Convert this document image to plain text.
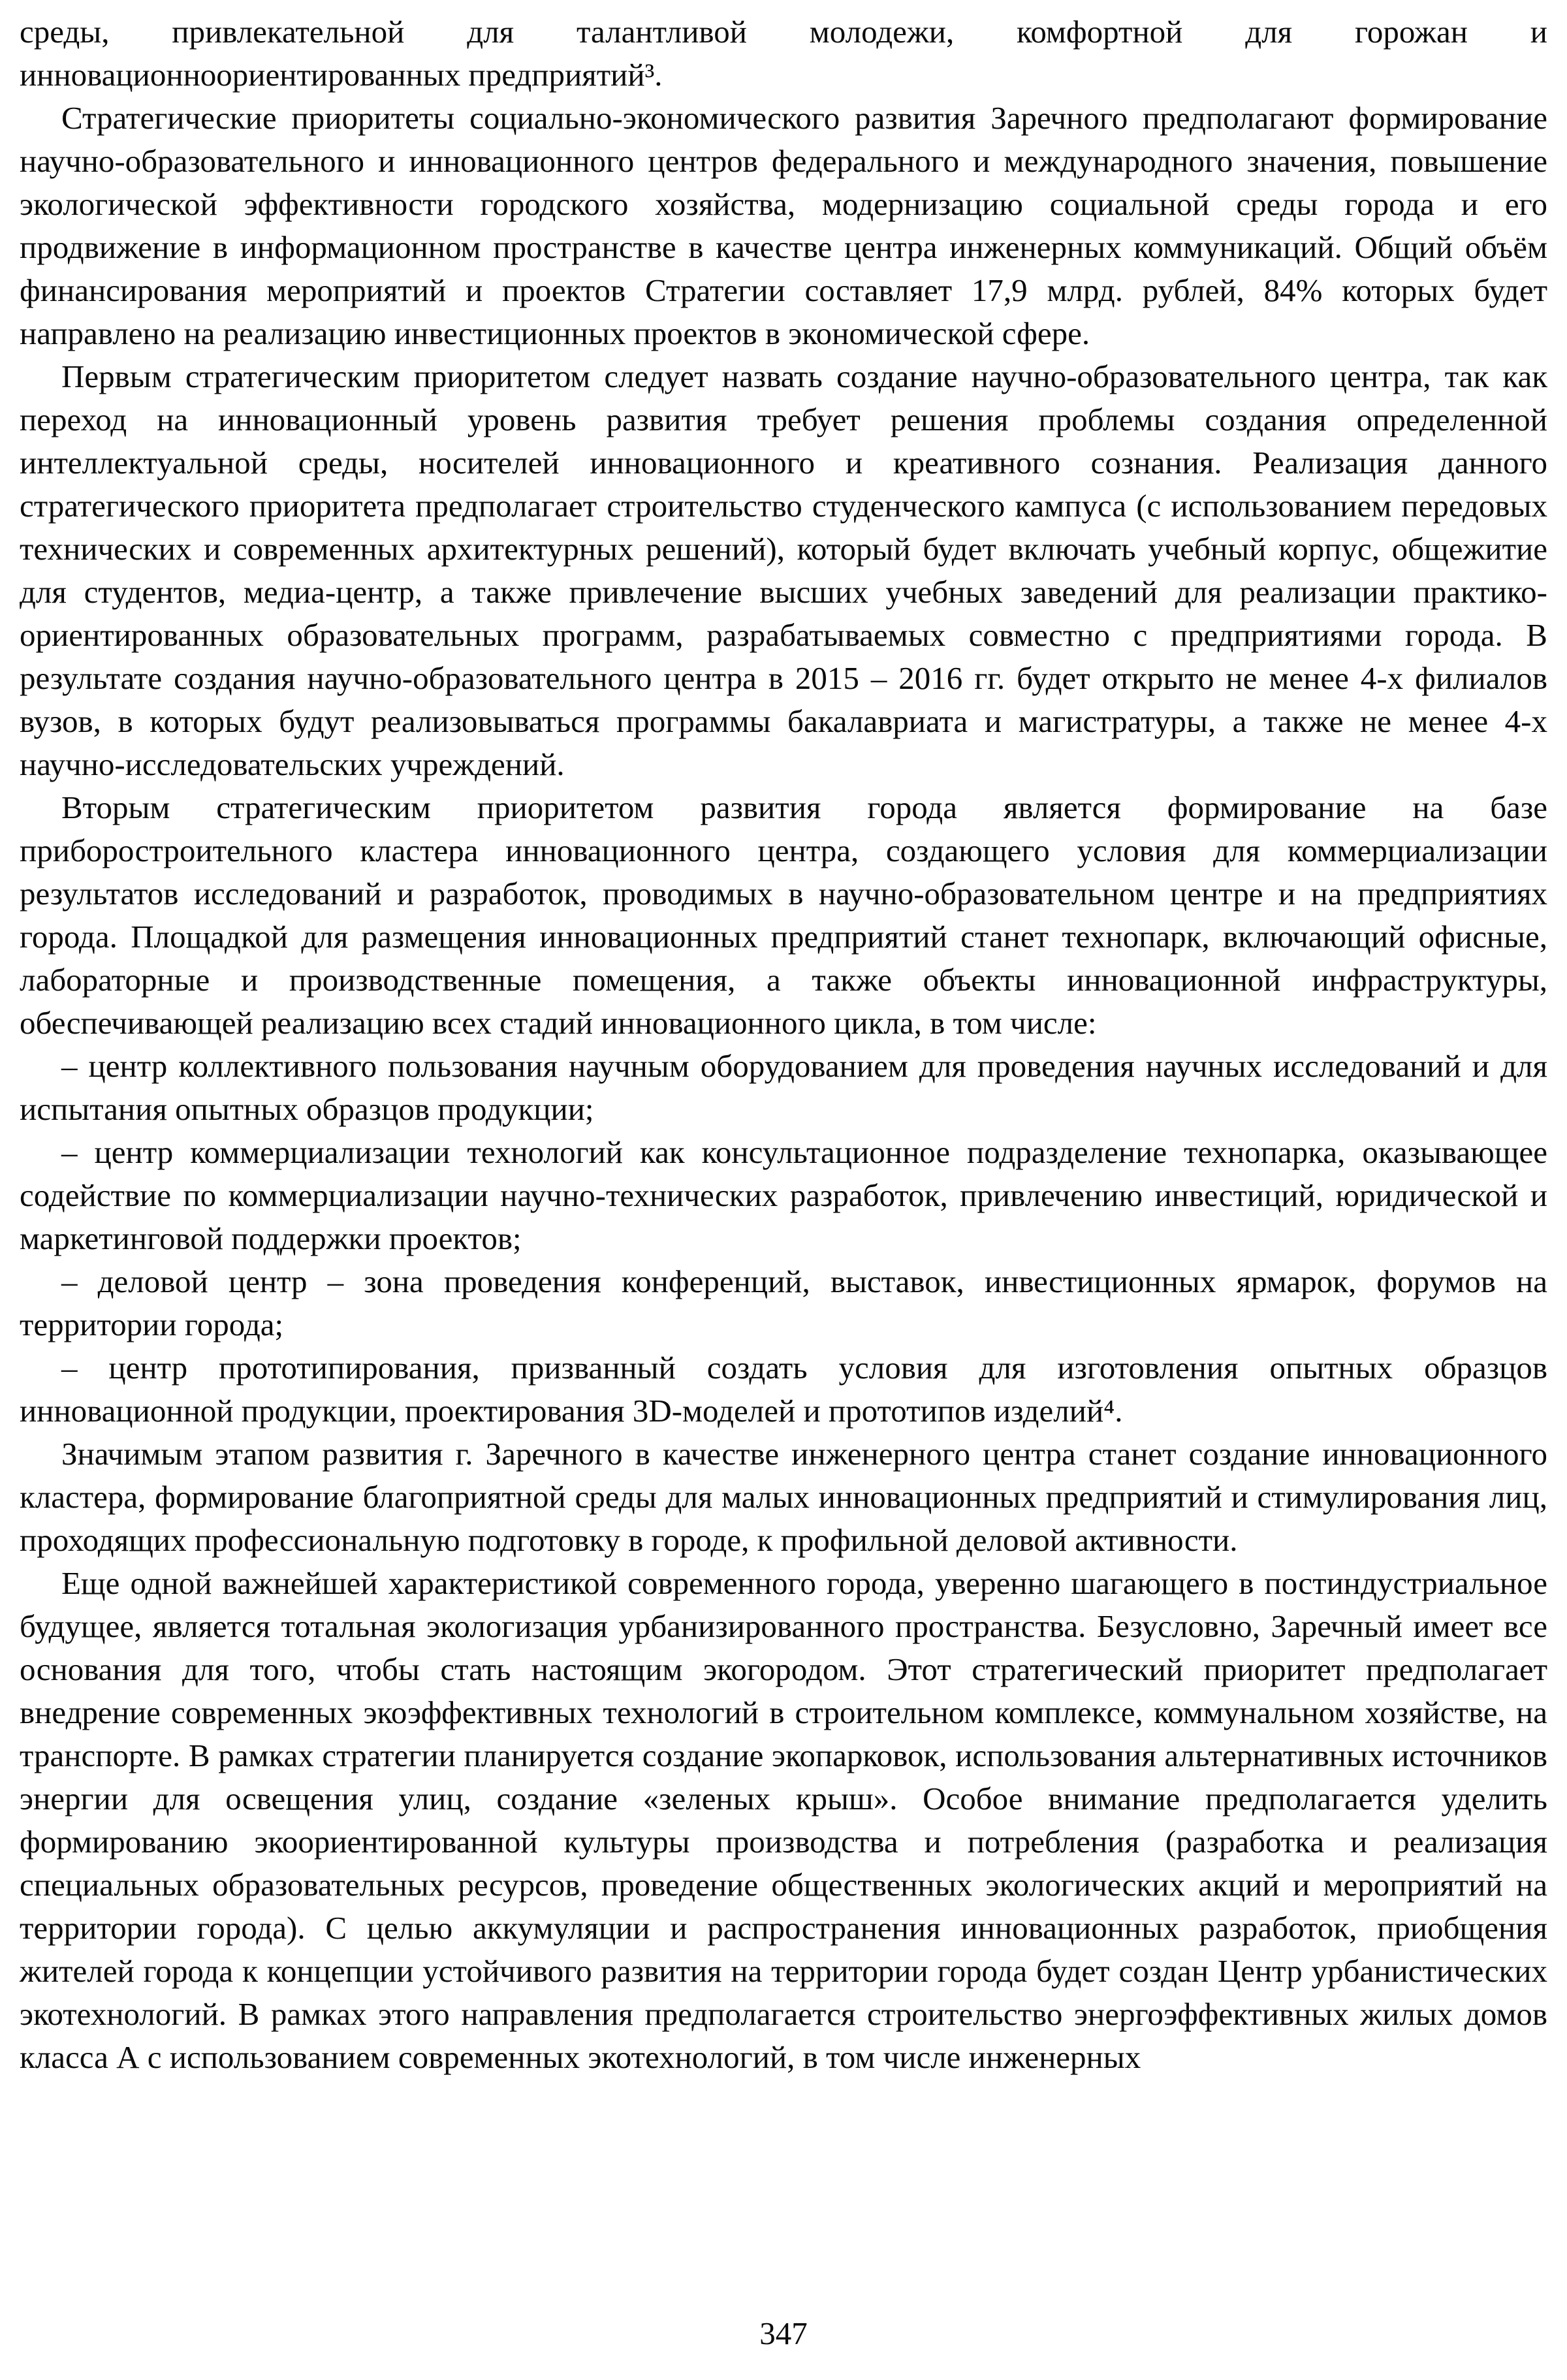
среды, привлекательной для талантливой молодежи, комфортной для горожан и инновационноориентированных предприятий³.

Стратегические приоритеты социально-экономического развития Заречного предполагают формирование научно-образовательного и инновационного центров федерального и международного значения, повышение экологической эффективности городского хозяйства, модернизацию социальной среды города и его продвижение в информационном пространстве в качестве центра инженерных коммуникаций. Общий объём финансирования мероприятий и проектов Стратегии составляет 17,9 млрд. рублей, 84% которых будет направлено на реализацию инвестиционных проектов в экономической сфере.

Первым стратегическим приоритетом следует назвать создание научно-образовательного центра, так как переход на инновационный уровень развития требует решения проблемы создания определенной интеллектуальной среды, носителей инновационного и креативного сознания. Реализация данного стратегического приоритета предполагает строительство студенческого кампуса (с использованием передовых технических и современных архитектурных решений), который будет включать учебный корпус, общежитие для студентов, медиа-центр, а также привлечение высших учебных заведений для реализации практико-ориентированных образовательных программ, разрабатываемых совместно с предприятиями города. В результате создания научно-образовательного центра в 2015 – 2016 гг. будет открыто не менее 4-х филиалов вузов, в которых будут реализовываться программы бакалавриата и магистратуры, а также не менее 4-х научно-исследовательских учреждений.

Вторым стратегическим приоритетом развития города является формирование на базе приборостроительного кластера инновационного центра, создающего условия для коммерциализации результатов исследований и разработок, проводимых в научно-образовательном центре и на предприятиях города. Площадкой для размещения инновационных предприятий станет технопарк, включающий офисные, лабораторные и производственные помещения, а также объекты инновационной инфраструктуры, обеспечивающей реализацию всех стадий инновационного цикла, в том числе:

– центр коллективного пользования научным оборудованием для проведения научных исследований и для испытания опытных образцов продукции;

– центр коммерциализации технологий как консультационное подразделение технопарка, оказывающее содействие по коммерциализации научно-технических разработок, привлечению инвестиций, юридической и маркетинговой поддержки проектов;

– деловой центр – зона проведения конференций, выставок, инвестиционных ярмарок, форумов на территории города;

– центр прототипирования, призванный создать условия для изготовления опытных образцов инновационной продукции, проектирования 3D-моделей и прототипов изделий⁴.

Значимым этапом развития г. Заречного в качестве инженерного центра станет создание инновационного кластера, формирование благоприятной среды для малых инновационных предприятий и стимулирования лиц, проходящих профессиональную подготовку в городе, к профильной деловой активности.

Еще одной важнейшей характеристикой современного города, уверенно шагающего в постиндустриальное будущее, является тотальная экологизация урбанизированного пространства. Безусловно, Заречный имеет все основания для того, чтобы стать настоящим экогородом. Этот стратегический приоритет предполагает внедрение современных экоэффективных технологий в строительном комплексе, коммунальном хозяйстве, на транспорте. В рамках стратегии планируется создание экопарковок, использования альтернативных источников энергии для освещения улиц, создание «зеленых крыш». Особое внимание предполагается уделить формированию экоориентированной культуры производства и потребления (разработка и реализация специальных образовательных ресурсов, проведение общественных экологических акций и мероприятий на территории города). С целью аккумуляции и распространения инновационных разработок, приобщения жителей города к концепции устойчивого развития на территории города будет создан Центр урбанистических экотехнологий. В рамках этого направления предполагается строительство энергоэффективных жилых домов класса А с использованием современных экотехнологий, в том числе инженерных

347
